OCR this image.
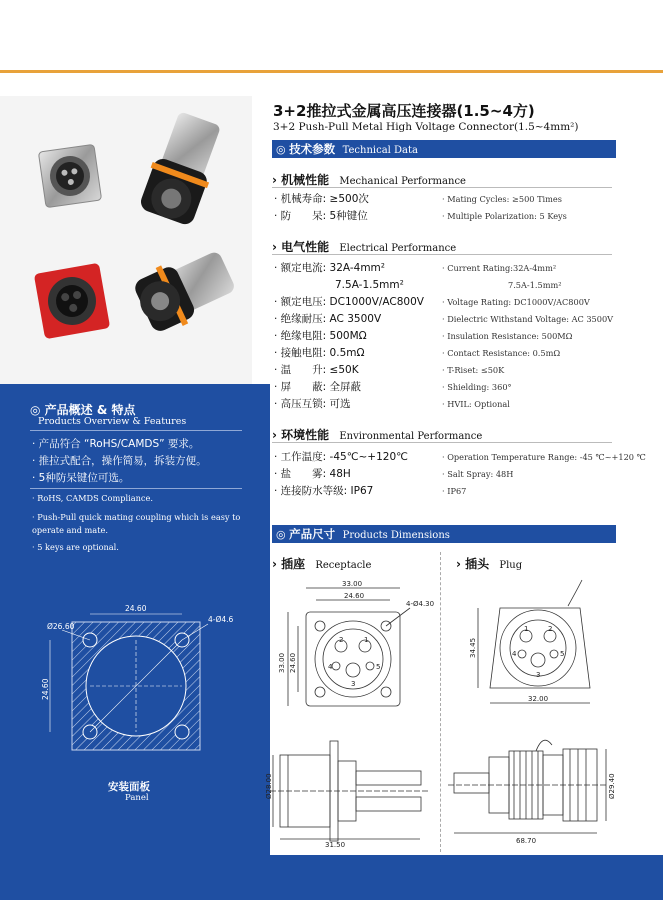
3+2推拉式金属高压连接器(1.5~4方)
3+2 Push-Pull Metal High Voltage Connector(1.5~4mm²)
◎ 技术参数 Technical Data
› 机械性能 Mechanical Performance
· 机械寿命: ≥500次	· Mating Cycles: ≥500 Times
· 防　　呆: 5种键位	· Multiple Polarization: 5 Keys
› 电气性能 Electrical Performance
· 额定电流: 32A-4mm²	· Current Rating:32A-4mm²
7.5A-1.5mm²	7.5A-1.5mm²
· 额定电压: DC1000V/AC800V · Voltage Rating: DC1000V/AC800V
· 绝缘耐压: AC 3500V	· Dielectric Withstand Voltage: AC 3500V
· 绝缘电阻: 500MΩ	· Insulation Resistance: 500MΩ
· 接触电阻: 0.5mΩ	· Contact Resistance: 0.5mΩ
· 温　　升: ≤50K	· T-Riset: ≤50K
· 屏　　蔽: 全屏蔽	· Shielding: 360°
· 高压互锁: 可选	· HVIL: Optional
› 环境性能 Environmental Performance
· 工作温度: -45℃~+120℃	· Operation Temperature Range: -45 ℃~+120 ℃
· 盐　　雾: 48H	· Salt Spray: 48H
· 连接防水等级: IP67	· IP67
◎ 产品概述 & 特点
Products Overview & Features
· 产品符合 “RoHS/CAMDS” 要求。
· 推拉式配合，操作简易，拆装方便。
· 5种防呆键位可选。
· RoHS, CAMDS Compliance.
· Push-Pull quick mating coupling which is easy to operate and mate.
· 5 keys are optional.
24.60
Ø26.60
4-Ø4.6
24.60
安装面板
Panel
◎ 产品尺寸 Products Dimensions
› 插座 Receptacle	› 插头 Plug
33.00
24.60
4-Ø4.30
33.00 24.60
2	1
4	5
3
34.45
32.00
1	2
4	5
3
Ø28.00
31.50
Ø29.40
68.70
